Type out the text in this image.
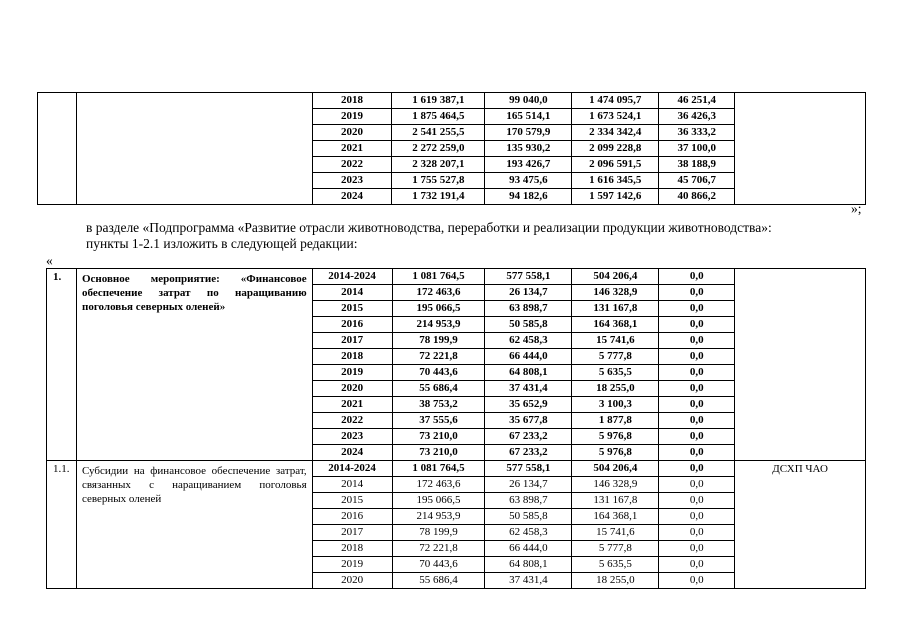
		2018	1 619 387,1	99 040,0	1 474 095,7	46 251,4	
		2019	1 875 464,5	165 514,1	1 673 524,1	36 426,3	
		2020	2 541 255,5	170 579,9	2 334 342,4	36 333,2	
		2021	2 272 259,0	135 930,2	2 099 228,8	37 100,0	
		2022	2 328 207,1	193 426,7	2 096 591,5	38 188,9	
		2023	1 755 527,8	93 475,6	1 616 345,5	45 706,7	
		2024	1 732 191,4	94 182,6	1 597 142,6	40 866,2	
»;
в разделе «Подпрограмма «Развитие отрасли животноводства, переработки и реализации продукции животноводства»:
пункты 1-2.1 изложить в следующей редакции:
«
1.	Основное мероприятие: «Финансовое обеспечение затрат по наращиванию поголовья северных оленей»	2014-2024	1 081 764,5	577 558,1	504 206,4	0,0	
		2014	172 463,6	26 134,7	146 328,9	0,0	
		2015	195 066,5	63 898,7	131 167,8	0,0	
		2016	214 953,9	50 585,8	164 368,1	0,0	
		2017	78 199,9	62 458,3	15 741,6	0,0	
		2018	72 221,8	66 444,0	5 777,8	0,0	
		2019	70 443,6	64 808,1	5 635,5	0,0	
		2020	55 686,4	37 431,4	18 255,0	0,0	
		2021	38 753,2	35 652,9	3 100,3	0,0	
		2022	37 555,6	35 677,8	1 877,8	0,0	
		2023	73 210,0	67 233,2	5 976,8	0,0	
		2024	73 210,0	67 233,2	5 976,8	0,0	
1.1.	Субсидии на финансовое обеспечение затрат, связанных с наращиванием поголовья северных оленей	2014-2024	1 081 764,5	577 558,1	504 206,4	0,0	ДСХП ЧАО
		2014	172 463,6	26 134,7	146 328,9	0,0	
		2015	195 066,5	63 898,7	131 167,8	0,0	
		2016	214 953,9	50 585,8	164 368,1	0,0	
		2017	78 199,9	62 458,3	15 741,6	0,0	
		2018	72 221,8	66 444,0	5 777,8	0,0	
		2019	70 443,6	64 808,1	5 635,5	0,0	
		2020	55 686,4	37 431,4	18 255,0	0,0	
